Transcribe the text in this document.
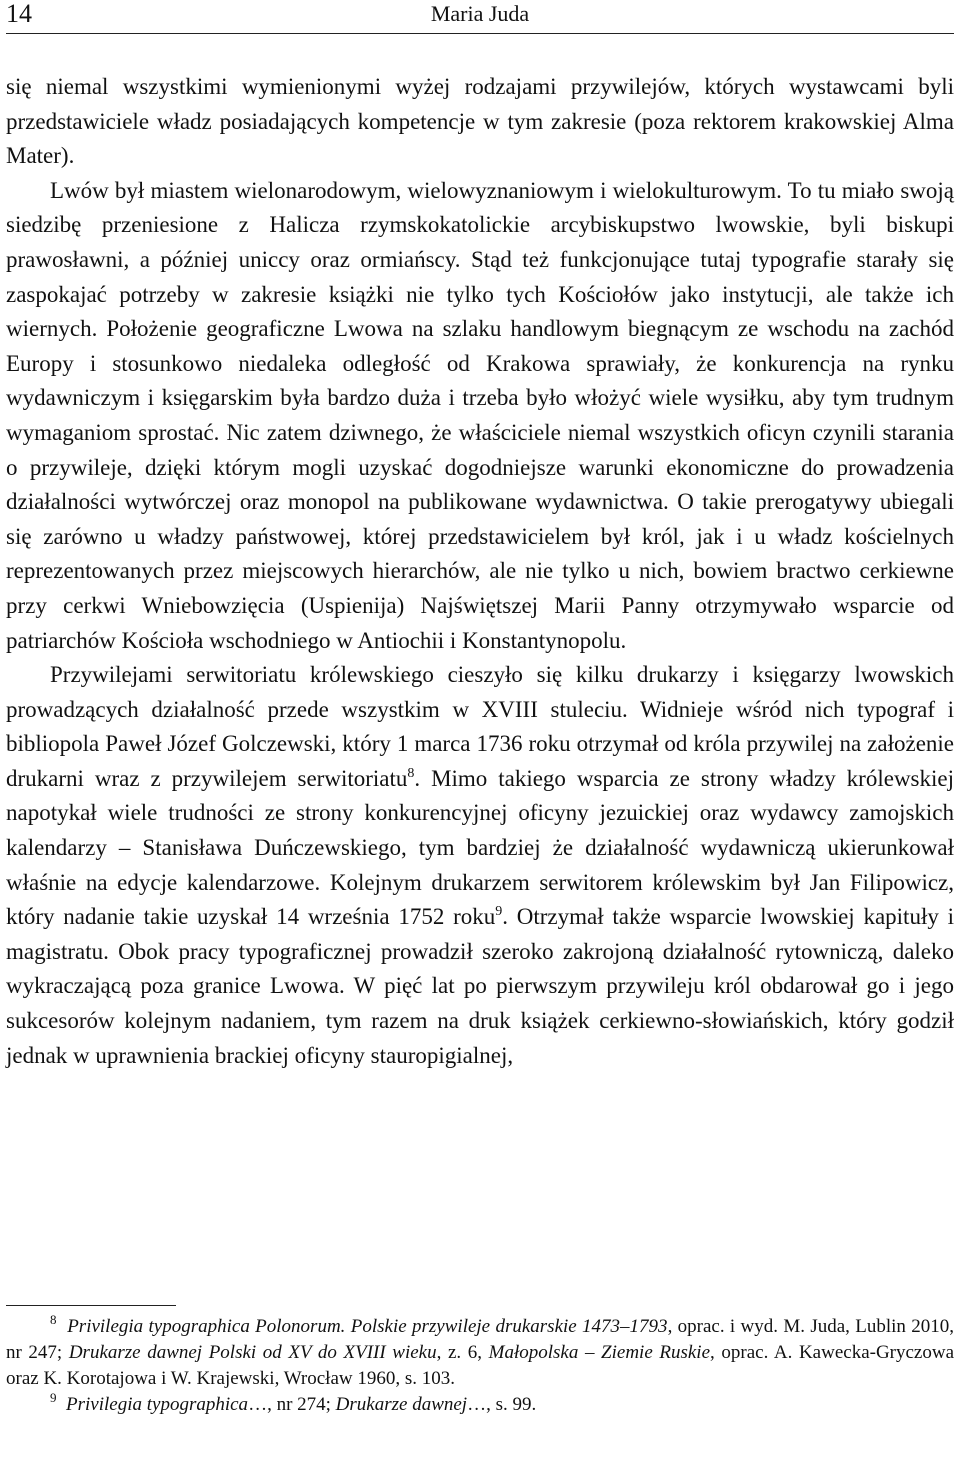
14	Maria Juda

się niemal wszystkimi wymienionymi wyżej rodzajami przywilejów, których wystawcami byli przedstawiciele władz posiadających kompetencje w tym zakresie (poza rektorem krakowskiej Alma Mater).

Lwów był miastem wielonarodowym, wielowyznaniowym i wielokulturowym. To tu miało swoją siedzibę przeniesione z Halicza rzymskokatolickie arcybiskupstwo lwowskie, byli biskupi prawosławni, a później uniccy oraz ormiańscy. Stąd też funkcjonujące tutaj typografie starały się zaspokajać potrzeby w zakresie książki nie tylko tych Kościołów jako instytucji, ale także ich wiernych. Położenie geograficzne Lwowa na szlaku handlowym biegnącym ze wschodu na zachód Europy i stosunkowo niedaleka odległość od Krakowa sprawiały, że konkurencja na rynku wydawniczym i księgarskim była bardzo duża i trzeba było włożyć wiele wysiłku, aby tym trudnym wymaganiom sprostać. Nic zatem dziwnego, że właściciele niemal wszystkich oficyn czynili starania o przywileje, dzięki którym mogli uzyskać dogodniejsze warunki ekonomiczne do prowadzenia działalności wytwórczej oraz monopol na publikowane wydawnictwa. O takie prerogatywy ubiegali się zarówno u władzy państwowej, której przedstawicielem był król, jak i u władz kościelnych reprezentowanych przez miejscowych hierarchów, ale nie tylko u nich, bowiem bractwo cerkiewne przy cerkwi Wniebowzięcia (Uspienija) Najświętszej Marii Panny otrzymywało wsparcie od patriarchów Kościoła wschodniego w Antiochii i Konstantynopolu.

Przywilejami serwitoriatu królewskiego cieszyło się kilku drukarzy i księgarzy lwowskich prowadzących działalność przede wszystkim w XVIII stuleciu. Widnieje wśród nich typograf i bibliopola Paweł Józef Golczewski, który 1 marca 1736 roku otrzymał od króla przywilej na założenie drukarni wraz z przywilejem serwitoriatu$^8$. Mimo takiego wsparcia ze strony władzy królewskiej napotykał wiele trudności ze strony konkurencyjnej oficyny jezuickiej oraz wydawcy zamojskich kalendarzy – Stanisława Duńczewskiego, tym bardziej że działalność wydawniczą ukierunkował właśnie na edycje kalendarzowe. Kolejnym drukarzem serwitorem królewskim był Jan Filipowicz, który nadanie takie uzyskał 14 września 1752 roku$^9$. Otrzymał także wsparcie lwowskiej kapituły i magistratu. Obok pracy typograficznej prowadził szeroko zakrojoną działalność rytowniczą, daleko wykraczającą poza granice Lwowa. W pięć lat po pierwszym przywileju król obdarował go i jego sukcesorów kolejnym nadaniem, tym razem na druk książek cerkiewno-słowiańskich, który godził jednak w uprawnienia brackiej oficyny stauropigialnej,

$^8$ Privilegia typographica Polonorum. Polskie przywileje drukarskie 1473–1793, oprac. i wyd. M. Juda, Lublin 2010, nr 247; Drukarze dawnej Polski od XV do XVIII wieku, z. 6, Małopolska – Ziemie Ruskie, oprac. A. Kawecka-Gryczowa oraz K. Korotajowa i W. Krajewski, Wrocław 1960, s. 103.

$^9$ Privilegia typographica…, nr 274; Drukarze dawnej…, s. 99.
